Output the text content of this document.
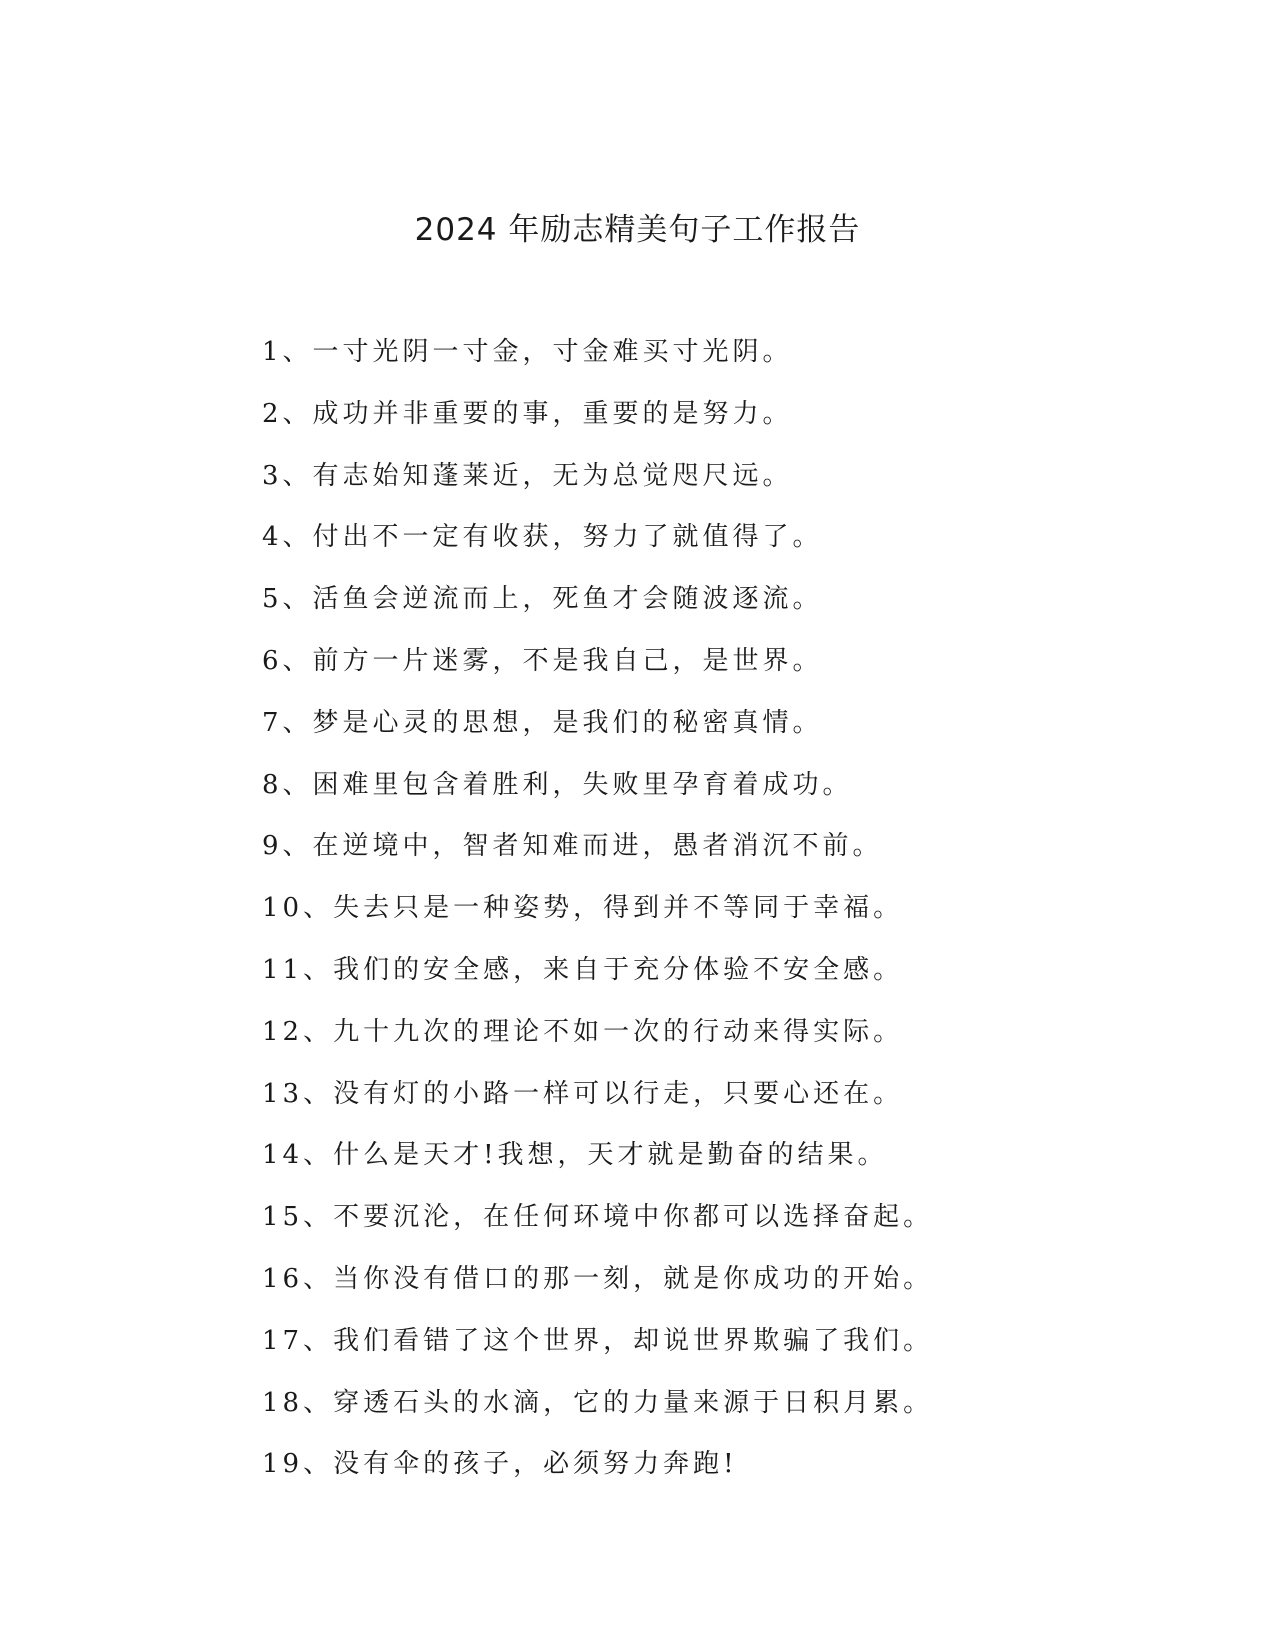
2024 年励志精美句子工作报告
1、一寸光阴一寸金，寸金难买寸光阴。
2、成功并非重要的事，重要的是努力。
3、有志始知蓬莱近，无为总觉咫尺远。
4、付出不一定有收获，努力了就值得了。
5、活鱼会逆流而上，死鱼才会随波逐流。
6、前方一片迷雾，不是我自己，是世界。
7、梦是心灵的思想，是我们的秘密真情。
8、困难里包含着胜利，失败里孕育着成功。
9、在逆境中，智者知难而进，愚者消沉不前。
10、失去只是一种姿势，得到并不等同于幸福。
11、我们的安全感，来自于充分体验不安全感。
12、九十九次的理论不如一次的行动来得实际。
13、没有灯的小路一样可以行走，只要心还在。
14、什么是天才!我想，天才就是勤奋的结果。
15、不要沉沦，在任何环境中你都可以选择奋起。
16、当你没有借口的那一刻，就是你成功的开始。
17、我们看错了这个世界，却说世界欺骗了我们。
18、穿透石头的水滴，它的力量来源于日积月累。
19、没有伞的孩子，必须努力奔跑!
